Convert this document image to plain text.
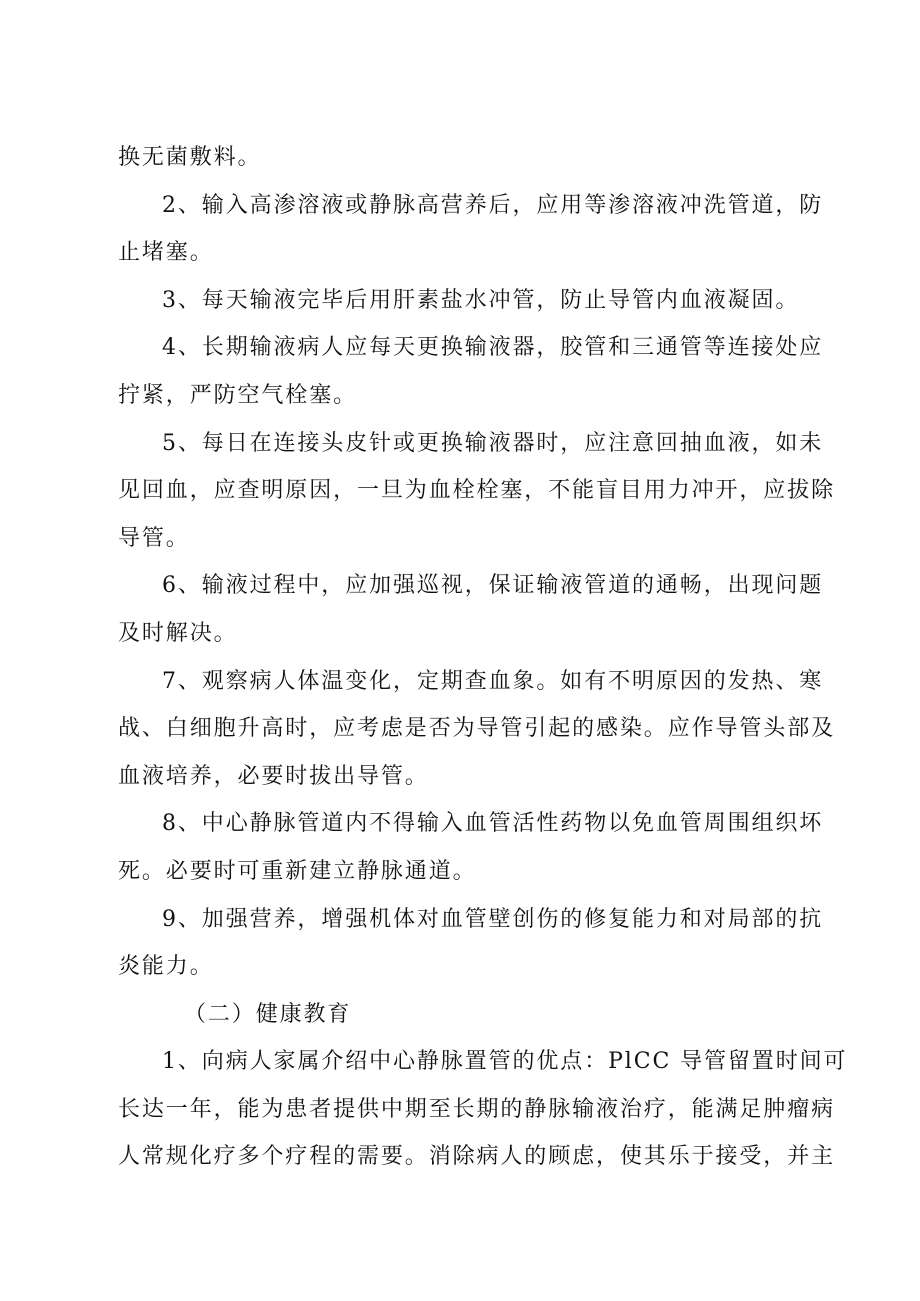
换无菌敷料。
2、输入高渗溶液或静脉高营养后，应用等渗溶液冲洗管道，防
止堵塞。
3、每天输液完毕后用肝素盐水冲管，防止导管内血液凝固。
4、长期输液病人应每天更换输液器，胶管和三通管等连接处应
拧紧，严防空气栓塞。
5、每日在连接头皮针或更换输液器时，应注意回抽血液，如未
见回血，应查明原因，一旦为血栓栓塞，不能盲目用力冲开，应拔除
导管。
6、输液过程中，应加强巡视，保证输液管道的通畅，出现问题
及时解决。
7、观察病人体温变化，定期查血象。如有不明原因的发热、寒
战、白细胞升高时，应考虑是否为导管引起的感染。应作导管头部及
血液培养，必要时拔出导管。
8、中心静脉管道内不得输入血管活性药物以免血管周围组织坏
死。必要时可重新建立静脉通道。
9、加强营养，增强机体对血管壁创伤的修复能力和对局部的抗
炎能力。
（二）健康教育
1、向病人家属介绍中心静脉置管的优点：PlCC 导管留置时间可
长达一年，能为患者提供中期至长期的静脉输液治疗，能满足肿瘤病
人常规化疗多个疗程的需要。消除病人的顾虑，使其乐于接受，并主
